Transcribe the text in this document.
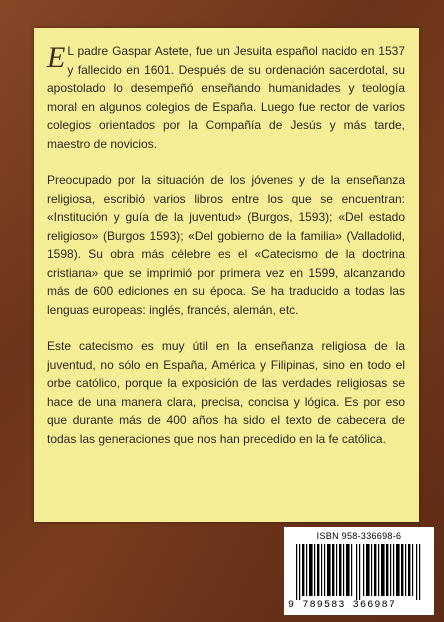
E L padre Gaspar Astete, fue un Jesuita español nacido en 1537 y fallecido en 1601. Después de su ordenación sacerdotal, su apostolado lo desempeñó enseñando humanidades y teología moral en algunos colegios de España. Luego fue rector de varios colegios orientados por la Compañía de Jesús y más tarde, maestro de novicios.

Preocupado por la situación de los jóvenes y de la enseñanza religiosa, escribió varios libros entre los que se encuentran: «Institución y guía de la juventud» (Burgos, 1593); «Del estado religioso» (Burgos 1593); «Del gobierno de la familia» (Valladolid, 1598). Su obra más célebre es el «Catecismo de la doctrina cristiana» que se imprimió por primera vez en 1599, alcanzando más de 600 ediciones en su época. Se ha traducido a todas las lenguas europeas: inglés, francés, alemán, etc.

Este catecismo es muy útil en la enseñanza religiosa de la juventud, no sólo en España, América y Filipinas, sino en todo el orbe católico, porque la exposición de las verdades religiosas se hace de una manera clara, precisa, concisa y lógica. Es por eso que durante más de 400 años ha sido el texto de cabecera de todas las generaciones que nos han precedido en la fe católica.

ISBN 958-336698-6
9 789583 366987
